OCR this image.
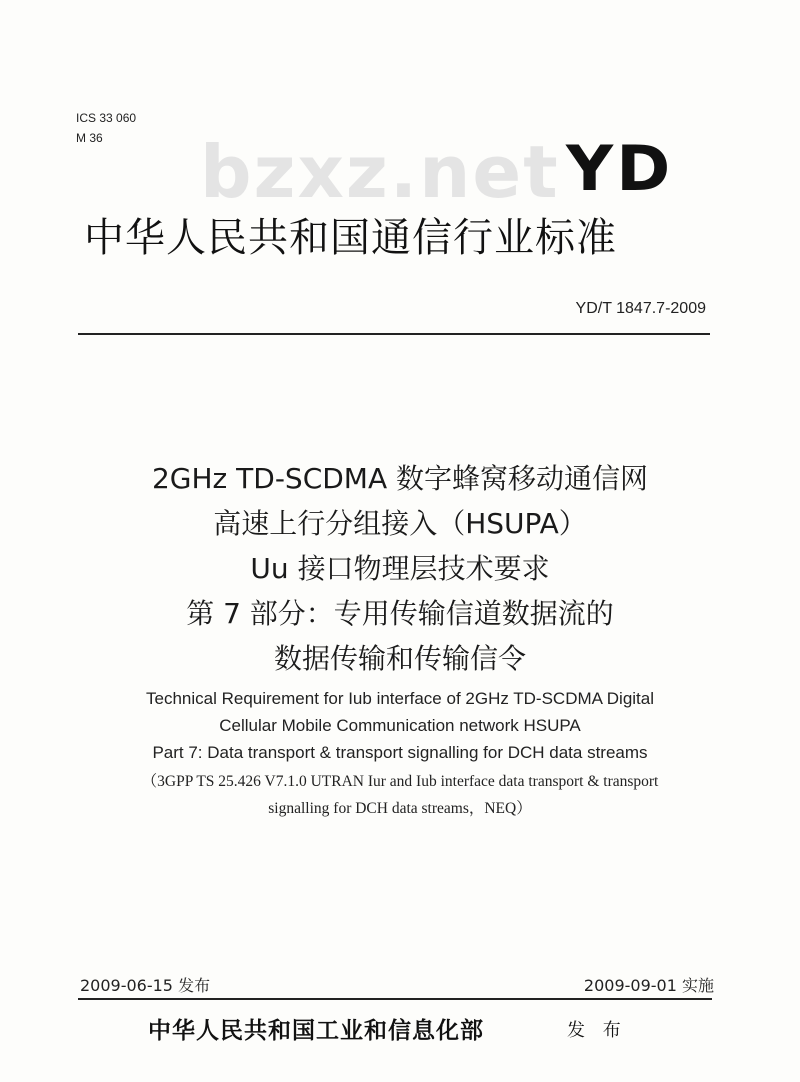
ICS 33 060
M 36	bzxz.net YD
中华人民共和国通信行业标准
YD/T 1847.7-2009
2GHz TD-SCDMA 数字蜂窝移动通信网
高速上行分组接入（HSUPA）
Uu 接口物理层技术要求
第 7 部分：专用传输信道数据流的
数据传输和传输信令
Technical Requirement for Iub interface of 2GHz TD-SCDMA Digital
Cellular Mobile Communication network HSUPA
Part 7: Data transport & transport signalling for DCH data streams
（3GPP TS 25.426 V7.1.0 UTRAN Iur and Iub interface data transport & transport
signalling for DCH data streams，NEQ）
2009-06-15 发布	2009-09-01 实施
中华人民共和国工业和信息化部	发 布
